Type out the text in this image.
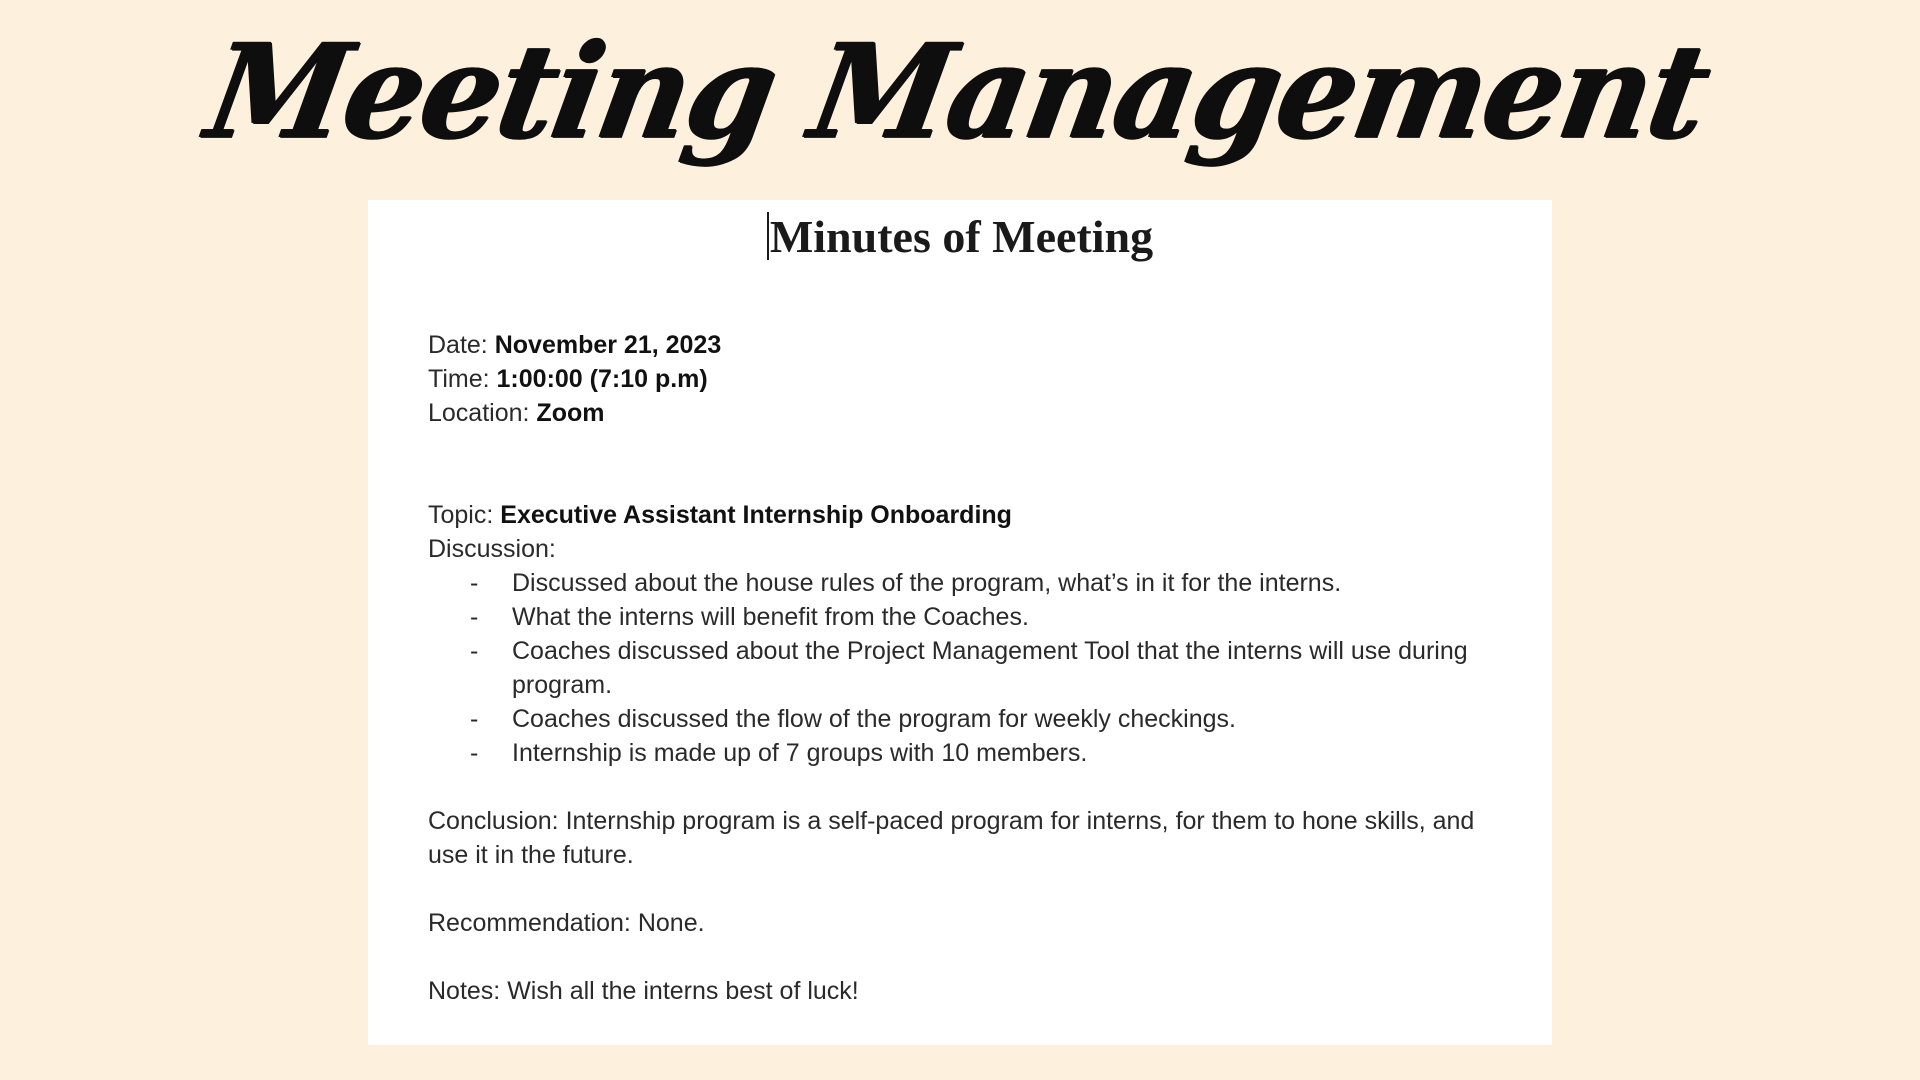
Meeting Management
Minutes of Meeting

Date: November 21, 2023

Time: 1:00:00 (7:10 p.m)

Location: Zoom

Topic: Executive Assistant Internship Onboarding

Discussion:

- Discussed about the house rules of the program, what’s in it for the interns.
- What the interns will benefit from the Coaches.
- Coaches discussed about the Project Management Tool that the interns will use during program.
- Coaches discussed the flow of the program for weekly checkings.
- Internship is made up of 7 groups with 10 members.

Conclusion: Internship program is a self-paced program for interns, for them to hone skills, and use it in the future.

Recommendation: None.

Notes: Wish all the interns best of luck!
